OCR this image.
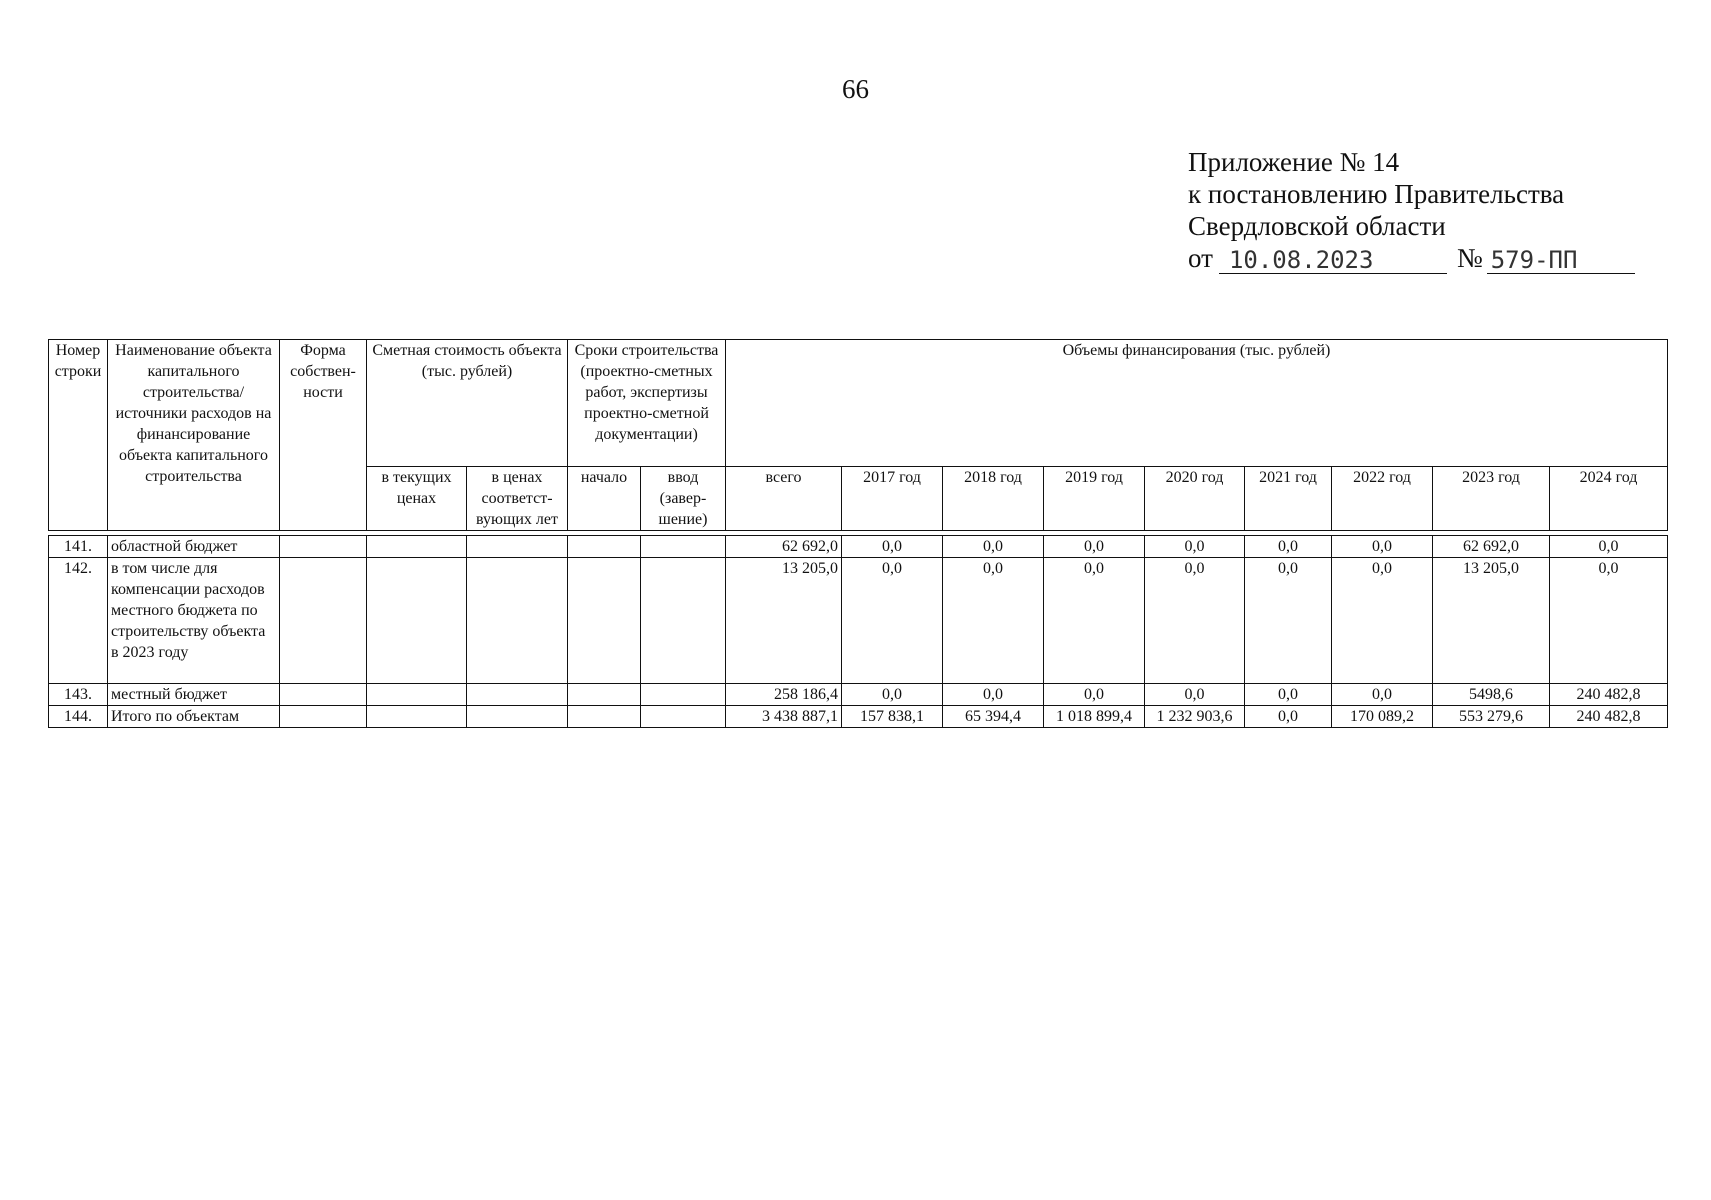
66
Приложение № 14
к постановлению Правительства
Свердловской области
от 10.08.2023	№ 579-ПП
Номер строки	Наименование объекта капитального строительства/ источники расходов на финансирование объекта капитального строительства	Форма собствен-ности	Сметная стоимость объекта (тыс. рублей)		Сроки строительства (проектно-сметных работ, экспертизы проектно-сметной документации)		Объемы финансирования (тыс. рублей)								
			в текущих ценах	в ценах соответст-вующих лет	начало	ввод (завер-шение)	всего	2017 год	2018 год	2019 год	2020 год	2021 год	2022 год	2023 год	2024 год

141.	областной бюджет						62 692,0	0,0	0,0	0,0	0,0	0,0	0,0	62 692,0	0,0
142.	в том числе для компенсации расходов местного бюджета по строительству объекта в 2023 году						13 205,0	0,0	0,0	0,0	0,0	0,0	0,0	13 205,0	0,0
143.	местный бюджет						258 186,4	0,0	0,0	0,0	0,0	0,0	0,0	5498,6	240 482,8
144.	Итого по объектам						3 438 887,1	157 838,1	65 394,4	1 018 899,4	1 232 903,6	0,0	170 089,2	553 279,6	240 482,8
